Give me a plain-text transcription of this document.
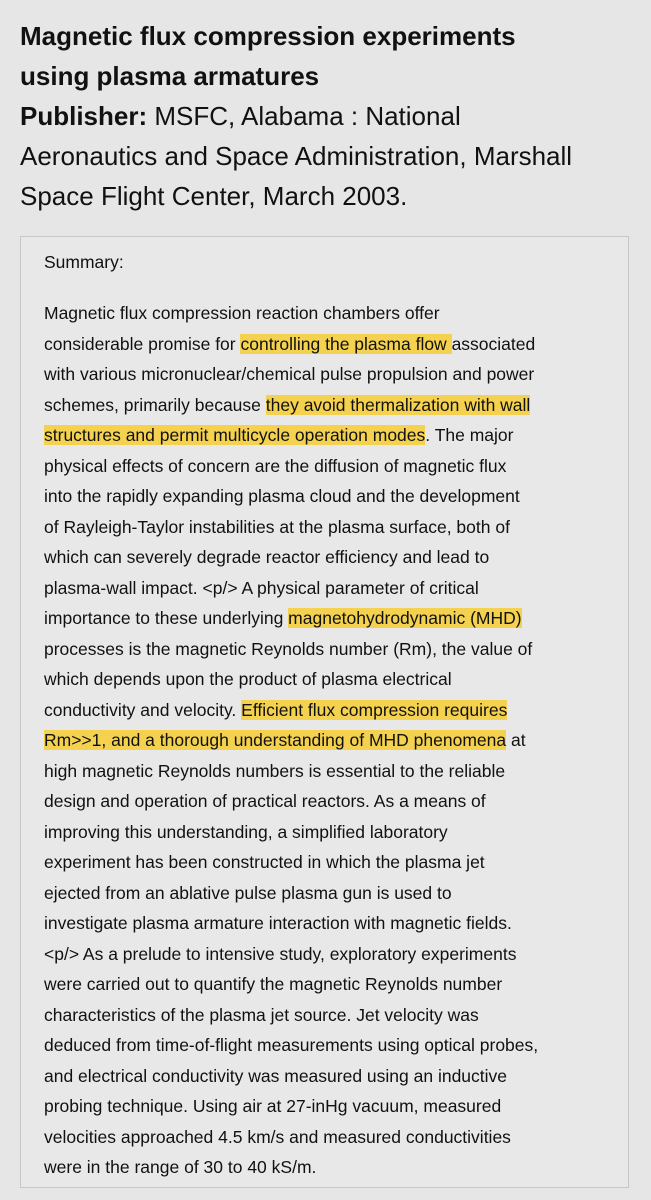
Magnetic flux compression experiments
using plasma armatures
Publisher: MSFC, Alabama : National
Aeronautics and Space Administration, Marshall
Space Flight Center, March 2003.
Summary:
Magnetic flux compression reaction chambers offer
considerable promise for controlling the plasma flow associated
with various micronuclear/chemical pulse propulsion and power
schemes, primarily because they avoid thermalization with wall
structures and permit multicycle operation modes. The major
physical effects of concern are the diffusion of magnetic flux
into the rapidly expanding plasma cloud and the development
of Rayleigh-Taylor instabilities at the plasma surface, both of
which can severely degrade reactor efficiency and lead to
plasma-wall impact. <p/> A physical parameter of critical
importance to these underlying magnetohydrodynamic (MHD)
processes is the magnetic Reynolds number (Rm), the value of
which depends upon the product of plasma electrical
conductivity and velocity. Efficient flux compression requires
Rm>>1, and a thorough understanding of MHD phenomena at
high magnetic Reynolds numbers is essential to the reliable
design and operation of practical reactors. As a means of
improving this understanding, a simplified laboratory
experiment has been constructed in which the plasma jet
ejected from an ablative pulse plasma gun is used to
investigate plasma armature interaction with magnetic fields.
<p/> As a prelude to intensive study, exploratory experiments
were carried out to quantify the magnetic Reynolds number
characteristics of the plasma jet source. Jet velocity was
deduced from time-of-flight measurements using optical probes,
and electrical conductivity was measured using an inductive
probing technique. Using air at 27-inHg vacuum, measured
velocities approached 4.5 km/s and measured conductivities
were in the range of 30 to 40 kS/m.
